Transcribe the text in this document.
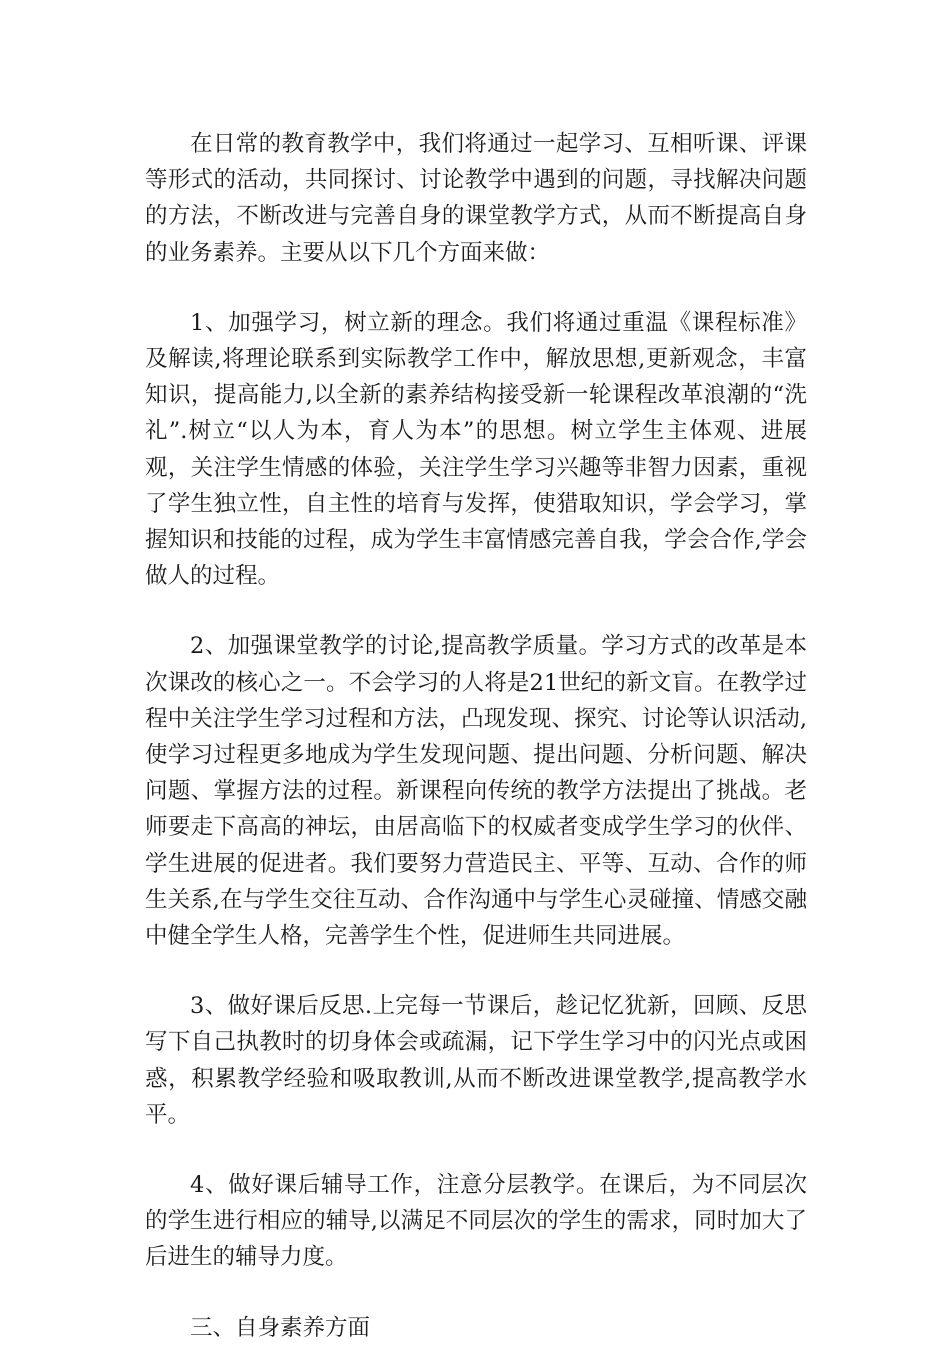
在日常的教育教学中，我们将通过一起学习、互相听课、评课等形式的活动，共同探讨、讨论教学中遇到的问题，寻找解决问题的方法，不断改进与完善自身的课堂教学方式，从而不断提高自身的业务素养。主要从以下几个方面来做：

1、加强学习，树立新的理念。我们将通过重温《课程标准》及解读,将理论联系到实际教学工作中，解放思想,更新观念，丰富知识，提高能力,以全新的素养结构接受新一轮课程改革浪潮的“洗礼”.树立“以人为本，育人为本”的思想。树立学生主体观、进展观，关注学生情感的体验，关注学生学习兴趣等非智力因素，重视了学生独立性，自主性的培育与发挥，使猎取知识，学会学习，掌握知识和技能的过程，成为学生丰富情感完善自我，学会合作,学会做人的过程。

2、加强课堂教学的讨论,提高教学质量。学习方式的改革是本次课改的核心之一。不会学习的人将是21世纪的新文盲。在教学过程中关注学生学习过程和方法，凸现发现、探究、讨论等认识活动,使学习过程更多地成为学生发现问题、提出问题、分析问题、解决问题、掌握方法的过程。新课程向传统的教学方法提出了挑战。老师要走下高高的神坛，由居高临下的权威者变成学生学习的伙伴、学生进展的促进者。我们要努力营造民主、平等、互动、合作的师生关系,在与学生交往互动、合作沟通中与学生心灵碰撞、情感交融中健全学生人格，完善学生个性，促进师生共同进展。

3、做好课后反思.上完每一节课后，趁记忆犹新，回顾、反思写下自己执教时的切身体会或疏漏，记下学生学习中的闪光点或困惑，积累教学经验和吸取教训,从而不断改进课堂教学,提高教学水平。

4、做好课后辅导工作，注意分层教学。在课后，为不同层次的学生进行相应的辅导,以满足不同层次的学生的需求，同时加大了后进生的辅导力度。

三、自身素养方面
